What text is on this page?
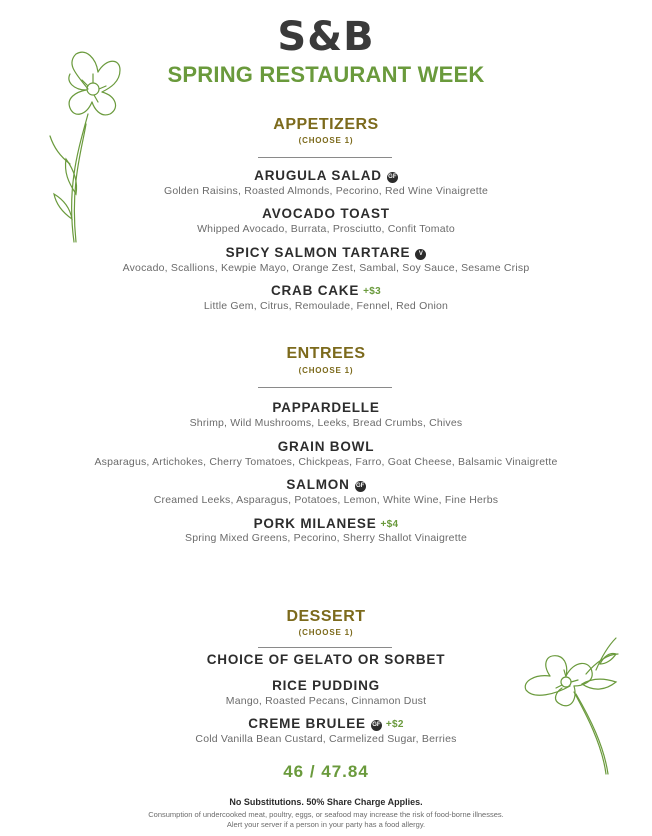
S&B
SPRING RESTAURANT WEEK
APPETIZERS
(CHOOSE 1)
ARUGULA SALAD GF
Golden Raisins, Roasted Almonds, Pecorino, Red Wine Vinaigrette
AVOCADO TOAST
Whipped Avocado, Burrata, Prosciutto, Confit Tomato
SPICY SALMON TARTARE V
Avocado, Scallions, Kewpie Mayo, Orange Zest, Sambal, Soy Sauce, Sesame Crisp
CRAB CAKE +$3
Little Gem, Citrus, Remoulade, Fennel, Red Onion
ENTREES
(CHOOSE 1)
PAPPARDELLE
Shrimp, Wild Mushrooms, Leeks, Bread Crumbs, Chives
GRAIN BOWL
Asparagus, Artichokes, Cherry Tomatoes, Chickpeas, Farro, Goat Cheese, Balsamic Vinaigrette
SALMON GF
Creamed Leeks, Asparagus, Potatoes, Lemon, White Wine, Fine Herbs
PORK MILANESE +$4
Spring Mixed Greens, Pecorino, Sherry Shallot Vinaigrette
DESSERT
(CHOOSE 1)
CHOICE OF GELATO OR SORBET
RICE PUDDING
Mango, Roasted Pecans, Cinnamon Dust
CREME BRULEE GF +$2
Cold Vanilla Bean Custard, Carmelized Sugar, Berries
46 / 47.84
No Substitutions. 50% Share Charge Applies.
Consumption of undercooked meat, poultry, eggs, or seafood may increase the risk of food-borne illnesses.
Alert your server if a person in your party has a food allergy.
